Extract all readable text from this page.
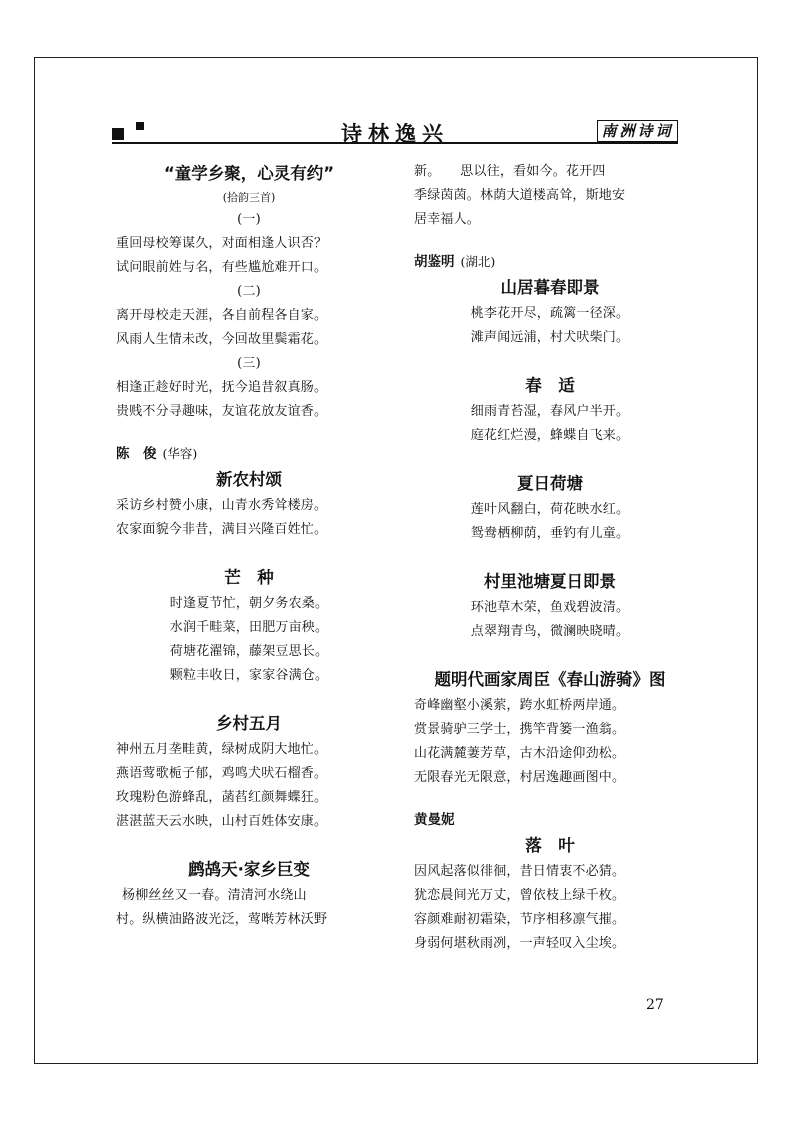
诗林逸兴	南洲诗词
“童学乡聚，心灵有约”
(拾韵三首)
(一)
重回母校筹谋久，对面相逢人识否？
试问眼前姓与名，有些尴尬难开口。
(二)
离开母校走天涯，各自前程各自家。
风雨人生情未改，今回故里鬓霜花。
(三)
相逢正趁好时光，抚今追昔叙真肠。
贵贱不分寻趣味，友谊花放友谊香。
陈　俊 (华容)
新农村颂
采访乡村赞小康，山青水秀耸楼房。
农家面貌今非昔，满目兴隆百姓忙。
芒　种
时逢夏节忙，朝夕务农桑。
水润千畦菜，田肥万亩秧。
荷塘花濯锦，藤架豆思长。
颗粒丰收日，家家谷满仓。
乡村五月
神州五月垄畦黄，绿树成阴大地忙。
燕语莺歌栀子郁，鸡鸣犬吠石榴香。
玫瑰粉色游蜂乱，菡萏红颜舞蝶狂。
湛湛蓝天云水映，山村百姓体安康。
鹧鸪天·家乡巨变
杨柳丝丝又一春。清清河水绕山
村。纵横油路波光泛，莺啭芳林沃野
新。　　思以往，看如今。花开四
季绿茵茵。林荫大道楼高耸，斯地安
居幸福人。
胡鉴明 (湖北)
山居暮春即景
桃李花开尽，疏篱一径深。
滩声闻远浦，村犬吠柴门。
春　适
细雨青苔湿，春风户半开。
庭花红烂漫，蜂蝶自飞来。
夏日荷塘
莲叶风翻白，荷花映水红。
鸳鸯栖柳荫，垂钓有儿童。
村里池塘夏日即景
环池草木荣，鱼戏碧波清。
点翠翔青鸟，微澜映晓晴。
题明代画家周臣《春山游骑》图
奇峰幽壑小溪萦，跨水虹桥两岸通。
赏景骑驴三学士，携竿背篓一渔翁。
山花满麓萋芳草，古木沿途仰劲松。
无限春光无限意，村居逸趣画图中。
黄曼妮
落　叶
因风起落似徘徊，昔日情衷不必猜。
犹恋晨间光万丈，曾依枝上绿千枚。
容颜难耐初霜染，节序相移凛气摧。
身弱何堪秋雨冽，一声轻叹入尘埃。
27
